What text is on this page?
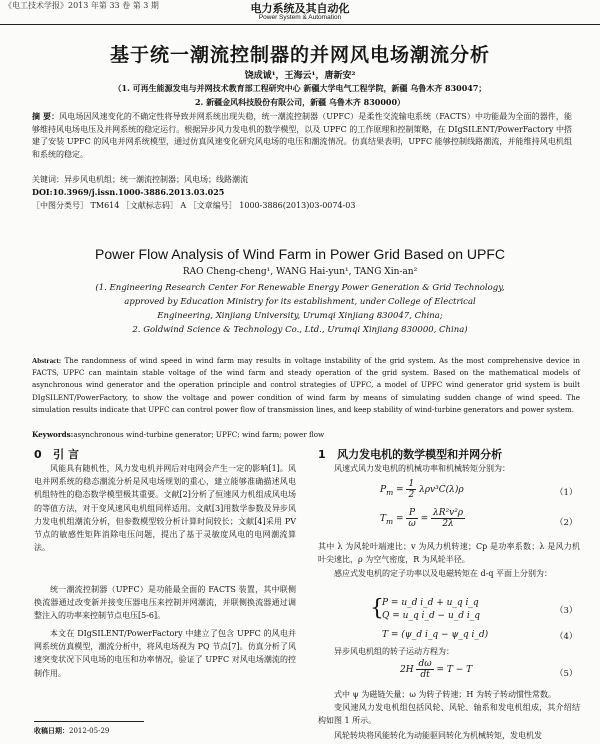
《电工技术学报》2013 年第 33 卷 第 3 期	电力系统及其自动化
Power System & Automation
基于统一潮流控制器的并网风电场潮流分析
饶成诚¹，王海云¹，唐新安²
（1. 可再生能源发电与并网技术教育部工程研究中心 新疆大学电气工程学院，新疆 乌鲁木齐 830047；
2. 新疆金风科技股份有限公司，新疆 乌鲁木齐 830000）
摘 要：风电场因风速变化的不确定性将导致并网系统出现失稳，统一潮流控制器（UPFC）是柔性交流输电系统（FACTS）中功能最为全面的器件，能够维持风电场电压及并网系统的稳定运行。根据异步风力发电机的数学模型，以及 UPFC 的工作原理和控制策略，在 DIgSILENT/PowerFactory 中搭建了安装 UPFC 的风电并网系统模型，通过仿真风速变化研究风电场的电压和潮流情况。仿真结果表明，UPFC 能够控制线路潮流，并能维持风电机组和系统的稳定。
关键词：异步风电机组；统一潮流控制器；风电场；线路潮流
DOI:10.3969/j.issn.1000-3886.2013.03.025
［中图分类号］ TM614 ［文献标志码］ A ［文章编号］ 1000-3886(2013)03-0074-03
Power Flow Analysis of Wind Farm in Power Grid Based on UPFC
RAO Cheng-cheng¹, WANG Hai-yun¹, TANG Xin-an²
(1. Engineering Research Center For Renewable Energy Power Generation & Grid Technology,
approved by Education Ministry for its establishment, under College of Electrical
Engineering, Xinjiang University, Urumqi Xinjiang 830047, China;
2. Goldwind Science & Technology Co., Ltd., Urumqi Xinjiang 830000, China)
Abstract: The randomness of wind speed in wind farm may results in voltage instability of the grid system. As the most comprehensive device in FACTS, UPFC can maintain stable voltage of the wind farm and steady operation of the grid system. Based on the mathematical models of asynchronous wind generator and the operation principle and control strategies of UPFC, a model of UPFC wind generator grid system is built DIgSILENT/PowerFactory, to show the voltage and power condition of wind farm by means of simulating sudden change of wind speed. The simulation results indicate that UPFC can control power flow of transmission lines, and keep stability of wind-turbine generators and power system.
Keywords:asynchronous wind-turbine generator; UPFC; wind farm; power flow
0 引 言
风能具有随机性，风力发电机并网后对电网会产生一定的影响[1]。风电并网系统的稳态潮流分析是风电场规划的重心，建立能够准确描述风电机组特性的稳态数学模型极其重要。文献[2]分析了恒速风力机组成风电场的等值方法，对于变风速风电机组同样适用。文献[3]用数学参数及异步风力发电机组潮流分析，但参数模型较分析计算时间较长；文献[4]采用 PV 节点的敏感性矩阵消除电压问题，提出了基于灵敏度风电的电网潮流算法。
统一潮流控制器（UPFC）是功能最全面的 FACTS 装置，其中联侧换流器通过改变新并接变压器电压来控制并网潮流，并联侧换流器通过调整注入的功率来控制节点电压[5-6]。
本文在 DIgSILENT/PowerFactory 中建立了包含 UPFC 的风电并网系统仿真模型，潮流分析中，将风电场视为 PQ 节点[7]。仿真分析了风速突变状况下风电场的电压和功率情况，验证了 UPFC 对风电场潮流的控制作用。
收稿日期：2012-05-29
1 风力发电机的数学模型和并网分析
风速式风力发电机的机械功率和机械转矩分别为：
$P_m = \frac{1}{2} \lambda\rho v^3C(\lambda)\rho$	（1）
$T_m = \frac{P}{\omega} = \frac{\text{λR²v²ρ}}{2\lambda}$	（2）
其中 λ 为风轮叶端速比；v 为风力机转速；Cp 是功率系数；λ 是风力机叶尖速比，ρ 为空气密度，R 为风轮半径。
感应式发电机的定子功率以及电磁转矩在 d-q 平面上分别为：
{
P = u_d i_d + u_q i_q
Q = u_q i_d − u_d i_q	（3）
T = (ψ_d i_q − ψ_q i_d)	（4）
异步风电机组的转子运动方程为：
$2H \frac{d\omega}{dt} = T - T$	（5）
式中 ψ 为磁链矢量；ω 为转子转速；H 为转子转动惯性常数。
变风速风力发电机组包括风轮、风轮、轴系和发电机组成，其介绍结构如图 1 所示。
风轮转块将风能转化为动能驱同转化为机械转矩，发电机发
